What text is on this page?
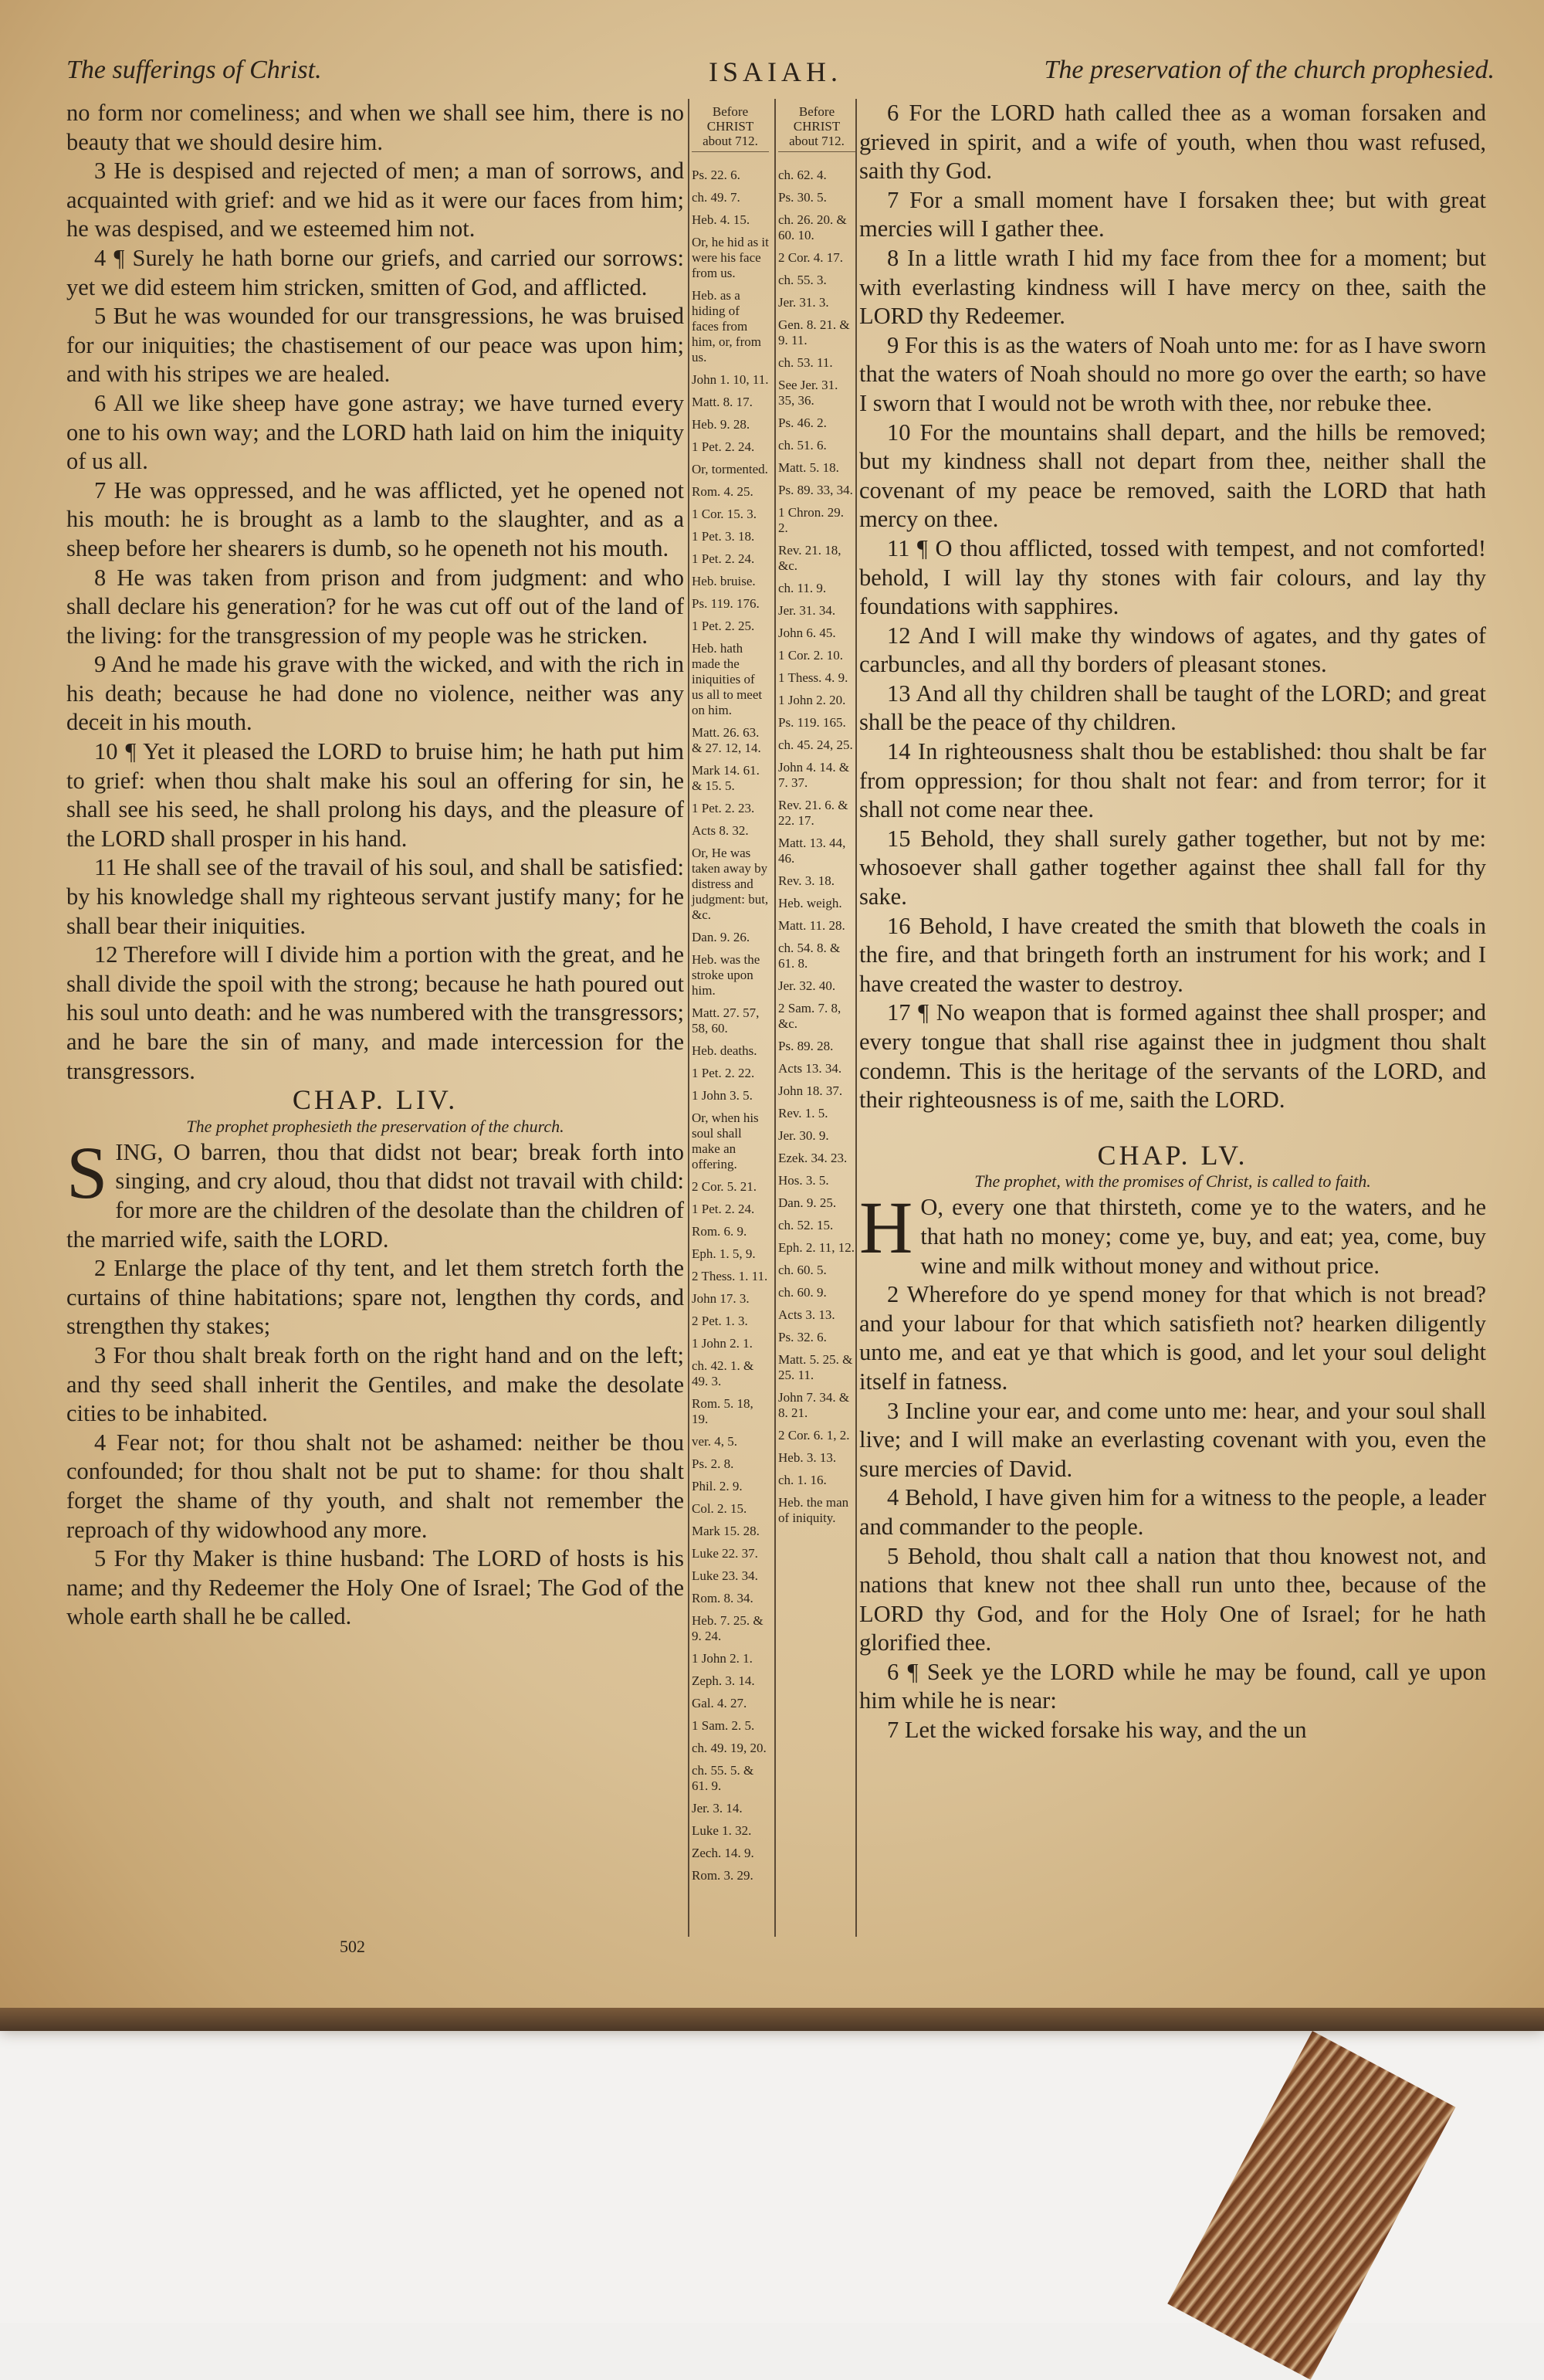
The sufferings of Christ.	ISAIAH.	The preservation of the church prophesied.

no form nor comeliness; and when we shall see him, there is no beauty that we should desire him.

3 He is despised and rejected of men; a man of sorrows, and acquainted with grief: and we hid as it were our faces from him; he was despised, and we esteemed him not.

4 ¶ Surely he hath borne our griefs, and carried our sorrows: yet we did esteem him stricken, smitten of God, and afflicted.

5 But he was wounded for our transgressions, he was bruised for our iniquities; the chastisement of our peace was upon him; and with his stripes we are healed.

6 All we like sheep have gone astray; we have turned every one to his own way; and the LORD hath laid on him the iniquity of us all.

7 He was oppressed, and he was afflicted, yet he opened not his mouth: he is brought as a lamb to the slaughter, and as a sheep before her shearers is dumb, so he openeth not his mouth.

8 He was taken from prison and from judgment: and who shall declare his generation? for he was cut off out of the land of the living: for the transgression of my people was he stricken.

9 And he made his grave with the wicked, and with the rich in his death; because he had done no violence, neither was any deceit in his mouth.

10 ¶ Yet it pleased the LORD to bruise him; he hath put him to grief: when thou shalt make his soul an offering for sin, he shall see his seed, he shall prolong his days, and the pleasure of the LORD shall prosper in his hand.

11 He shall see of the travail of his soul, and shall be satisfied: by his knowledge shall my righteous servant justify many; for he shall bear their iniquities.

12 Therefore will I divide him a portion with the great, and he shall divide the spoil with the strong; because he hath poured out his soul unto death: and he was numbered with the transgressors; and he bare the sin of many, and made intercession for the transgressors.

CHAP. LIV.

The prophet prophesieth the preservation of the church.

SING, O barren, thou that didst not bear; break forth into singing, and cry aloud, thou that didst not travail with child: for more are the children of the desolate than the children of the married wife, saith the LORD.

2 Enlarge the place of thy tent, and let them stretch forth the curtains of thine habitations; spare not, lengthen thy cords, and strengthen thy stakes;

3 For thou shalt break forth on the right hand and on the left; and thy seed shall inherit the Gentiles, and make the desolate cities to be inhabited.

4 Fear not; for thou shalt not be ashamed: neither be thou confounded; for thou shalt not be put to shame: for thou shalt forget the shame of thy youth, and shalt not remember the reproach of thy widowhood any more.

5 For thy Maker is thine husband: The LORD of hosts is his name; and thy Redeemer the Holy One of Israel; The God of the whole earth shall he be called.

Before CHRIST about 712.
Ps. 22. 6.
ch. 49. 7.
Heb. 4. 15.
Or, he hid as it were his face from us.
Heb. as a hiding of faces from him, or, from us.
John 1. 10, 11.
Matt. 8. 17.
Heb. 9. 28.
1 Pet. 2. 24.
Or, tormented.
Rom. 4. 25.
1 Cor. 15. 3.
1 Pet. 3. 18.
1 Pet. 2. 24.
Heb. bruise.
Ps. 119. 176.
1 Pet. 2. 25.
Heb. hath made the iniquities of us all to meet on him.
Matt. 26. 63. & 27. 12, 14.
Mark 14. 61. & 15. 5.
1 Pet. 2. 23.
Acts 8. 32.
Or, He was taken away by distress and judgment: but, &c.
Dan. 9. 26.
Heb. was the stroke upon him.
Matt. 27. 57, 58, 60.
Heb. deaths.
1 Pet. 2. 22.
1 John 3. 5.
Or, when his soul shall make an offering.
2 Cor. 5. 21.
1 Pet. 2. 24.
Rom. 6. 9.
Eph. 1. 5, 9.
2 Thess. 1. 11.
John 17. 3.
2 Pet. 1. 3.
1 John 2. 1.
ch. 42. 1. & 49. 3.
Rom. 5. 18, 19.
ver. 4, 5.
Ps. 2. 8.
Phil. 2. 9.
Col. 2. 15.
Mark 15. 28.
Luke 22. 37.
Luke 23. 34.
Rom. 8. 34.
Heb. 7. 25. & 9. 24.
1 John 2. 1.
Zeph. 3. 14.
Gal. 4. 27.
1 Sam. 2. 5.
ch. 49. 19, 20.
ch. 55. 5. & 61. 9.
Jer. 3. 14.
Luke 1. 32.
Zech. 14. 9.
Rom. 3. 29.
Before CHRIST about 712.
ch. 62. 4.
Ps. 30. 5.
ch. 26. 20. & 60. 10.
2 Cor. 4. 17.
ch. 55. 3.
Jer. 31. 3.
Gen. 8. 21. & 9. 11.
ch. 53. 11.
See Jer. 31. 35, 36.
Ps. 46. 2.
ch. 51. 6.
Matt. 5. 18.
Ps. 89. 33, 34.
1 Chron. 29. 2.
Rev. 21. 18, &c.
ch. 11. 9.
Jer. 31. 34.
John 6. 45.
1 Cor. 2. 10.
1 Thess. 4. 9.
1 John 2. 20.
Ps. 119. 165.
ch. 45. 24, 25.
John 4. 14. & 7. 37.
Rev. 21. 6. & 22. 17.
Matt. 13. 44, 46.
Rev. 3. 18.
Heb. weigh.
Matt. 11. 28.
ch. 54. 8. & 61. 8.
Jer. 32. 40.
2 Sam. 7. 8, &c.
Ps. 89. 28.
Acts 13. 34.
John 18. 37.
Rev. 1. 5.
Jer. 30. 9.
Ezek. 34. 23.
Hos. 3. 5.
Dan. 9. 25.
ch. 52. 15.
Eph. 2. 11, 12.
ch. 60. 5.
ch. 60. 9.
Acts 3. 13.
Ps. 32. 6.
Matt. 5. 25. & 25. 11.
John 7. 34. & 8. 21.
2 Cor. 6. 1, 2.
Heb. 3. 13.
ch. 1. 16.
Heb. the man of iniquity.

6 For the LORD hath called thee as a woman forsaken and grieved in spirit, and a wife of youth, when thou wast refused, saith thy God.

7 For a small moment have I forsaken thee; but with great mercies will I gather thee.

8 In a little wrath I hid my face from thee for a moment; but with everlasting kindness will I have mercy on thee, saith the LORD thy Redeemer.

9 For this is as the waters of Noah unto me: for as I have sworn that the waters of Noah should no more go over the earth; so have I sworn that I would not be wroth with thee, nor rebuke thee.

10 For the mountains shall depart, and the hills be removed; but my kindness shall not depart from thee, neither shall the covenant of my peace be removed, saith the LORD that hath mercy on thee.

11 ¶ O thou afflicted, tossed with tempest, and not comforted! behold, I will lay thy stones with fair colours, and lay thy foundations with sapphires.

12 And I will make thy windows of agates, and thy gates of carbuncles, and all thy borders of pleasant stones.

13 And all thy children shall be taught of the LORD; and great shall be the peace of thy children.

14 In righteousness shalt thou be established: thou shalt be far from oppression; for thou shalt not fear: and from terror; for it shall not come near thee.

15 Behold, they shall surely gather together, but not by me: whosoever shall gather together against thee shall fall for thy sake.

16 Behold, I have created the smith that bloweth the coals in the fire, and that bringeth forth an instrument for his work; and I have created the waster to destroy.

17 ¶ No weapon that is formed against thee shall prosper; and every tongue that shall rise against thee in judgment thou shalt condemn. This is the heritage of the servants of the LORD, and their righteousness is of me, saith the LORD.

CHAP. LV.

The prophet, with the promises of Christ, is called to faith.

H O, every one that thirsteth, come ye to the waters, and he that hath no money; come ye, buy, and eat; yea, come, buy wine and milk without money and without price.

2 Wherefore do ye spend money for that which is not bread? and your labour for that which satisfieth not? hearken diligently unto me, and eat ye that which is good, and let your soul delight itself in fatness.

3 Incline your ear, and come unto me: hear, and your soul shall live; and I will make an everlasting covenant with you, even the sure mercies of David.

4 Behold, I have given him for a witness to the people, a leader and commander to the people.

5 Behold, thou shalt call a nation that thou knowest not, and nations that knew not thee shall run unto thee, because of the LORD thy God, and for the Holy One of Israel; for he hath glorified thee.

6 ¶ Seek ye the LORD while he may be found, call ye upon him while he is near:

7 Let the wicked forsake his way, and the un

502
